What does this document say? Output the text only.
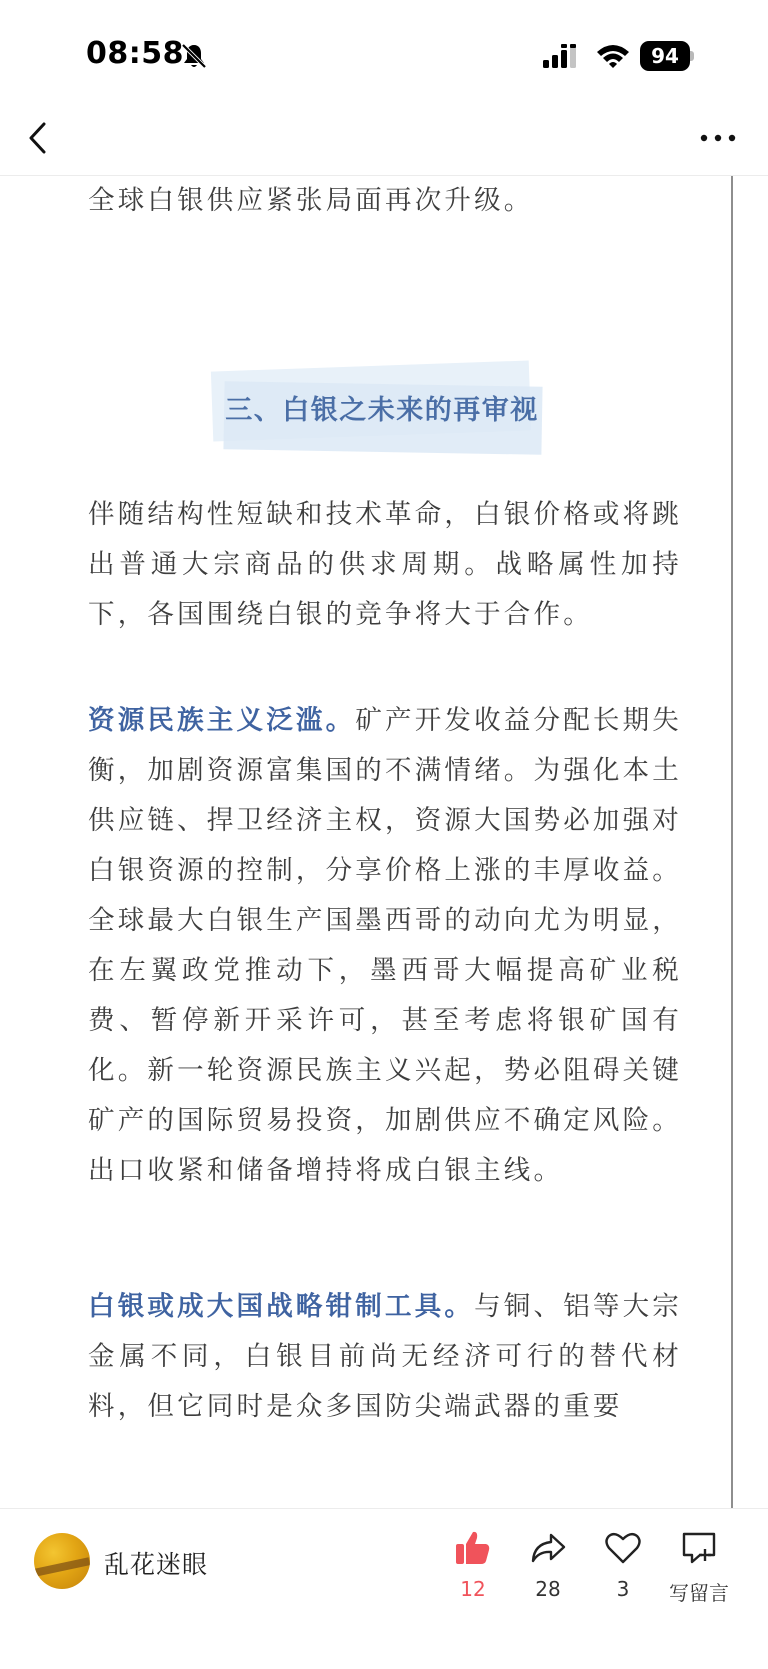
08:58	94

全球白银供应紧张局面再次升级。

三、白银之未来的再审视

伴随结构性短缺和技术革命，白银价格或将跳出普通大宗商品的供求周期。战略属性加持下，各国围绕白银的竞争将大于合作。

资源民族主义泛滥。矿产开发收益分配长期失衡，加剧资源富集国的不满情绪。为强化本土供应链、捍卫经济主权，资源大国势必加强对白银资源的控制，分享价格上涨的丰厚收益。全球最大白银生产国墨西哥的动向尤为明显，在左翼政党推动下，墨西哥大幅提高矿业税费、暂停新开采许可，甚至考虑将银矿国有化。新一轮资源民族主义兴起，势必阻碍关键矿产的国际贸易投资，加剧供应不确定风险。出口收紧和储备增持将成白银主线。

白银或成大国战略钳制工具。与铜、铝等大宗金属不同，白银目前尚无经济可行的替代材料，但它同时是众多国防尖端武器的重要

乱花迷眼
12	28	3	写留言
